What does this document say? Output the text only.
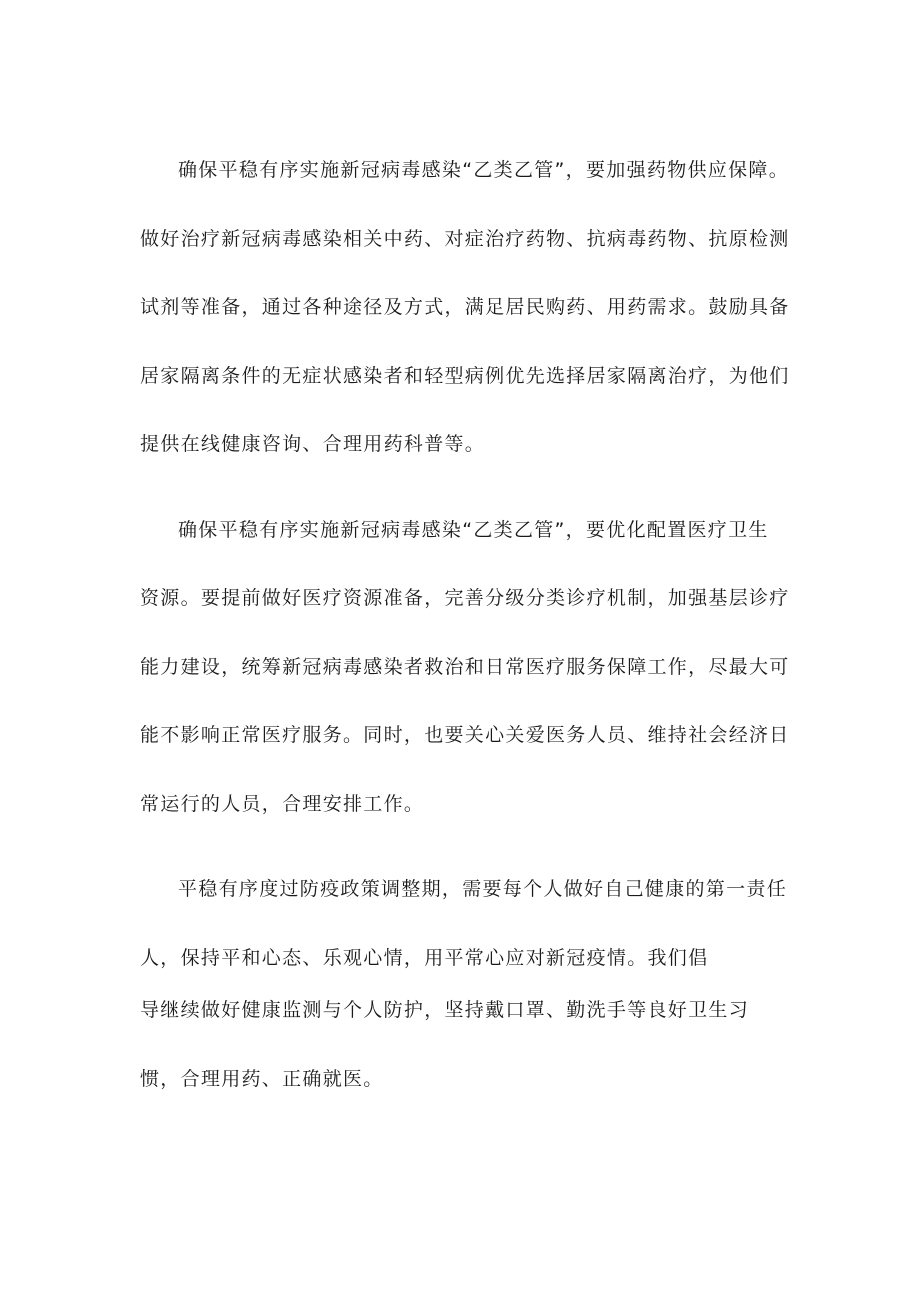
确保平稳有序实施新冠病毒感染“乙类乙管”，要加强药物供应保障。
做好治疗新冠病毒感染相关中药、对症治疗药物、抗病毒药物、抗原检测
试剂等准备，通过各种途径及方式，满足居民购药、用药需求。鼓励具备
居家隔离条件的无症状感染者和轻型病例优先选择居家隔离治疗，为他们
提供在线健康咨询、合理用药科普等。
确保平稳有序实施新冠病毒感染“乙类乙管”，要优化配置医疗卫生
资源。要提前做好医疗资源准备，完善分级分类诊疗机制，加强基层诊疗
能力建设，统筹新冠病毒感染者救治和日常医疗服务保障工作，尽最大可
能不影响正常医疗服务。同时，也要关心关爱医务人员、维持社会经济日
常运行的人员，合理安排工作。
平稳有序度过防疫政策调整期，需要每个人做好自己健康的第一责任
人，保持平和心态、乐观心情，用平常心应对新冠疫情。我们倡
导继续做好健康监测与个人防护，坚持戴口罩、勤洗手等良好卫生习
惯，合理用药、正确就医。
